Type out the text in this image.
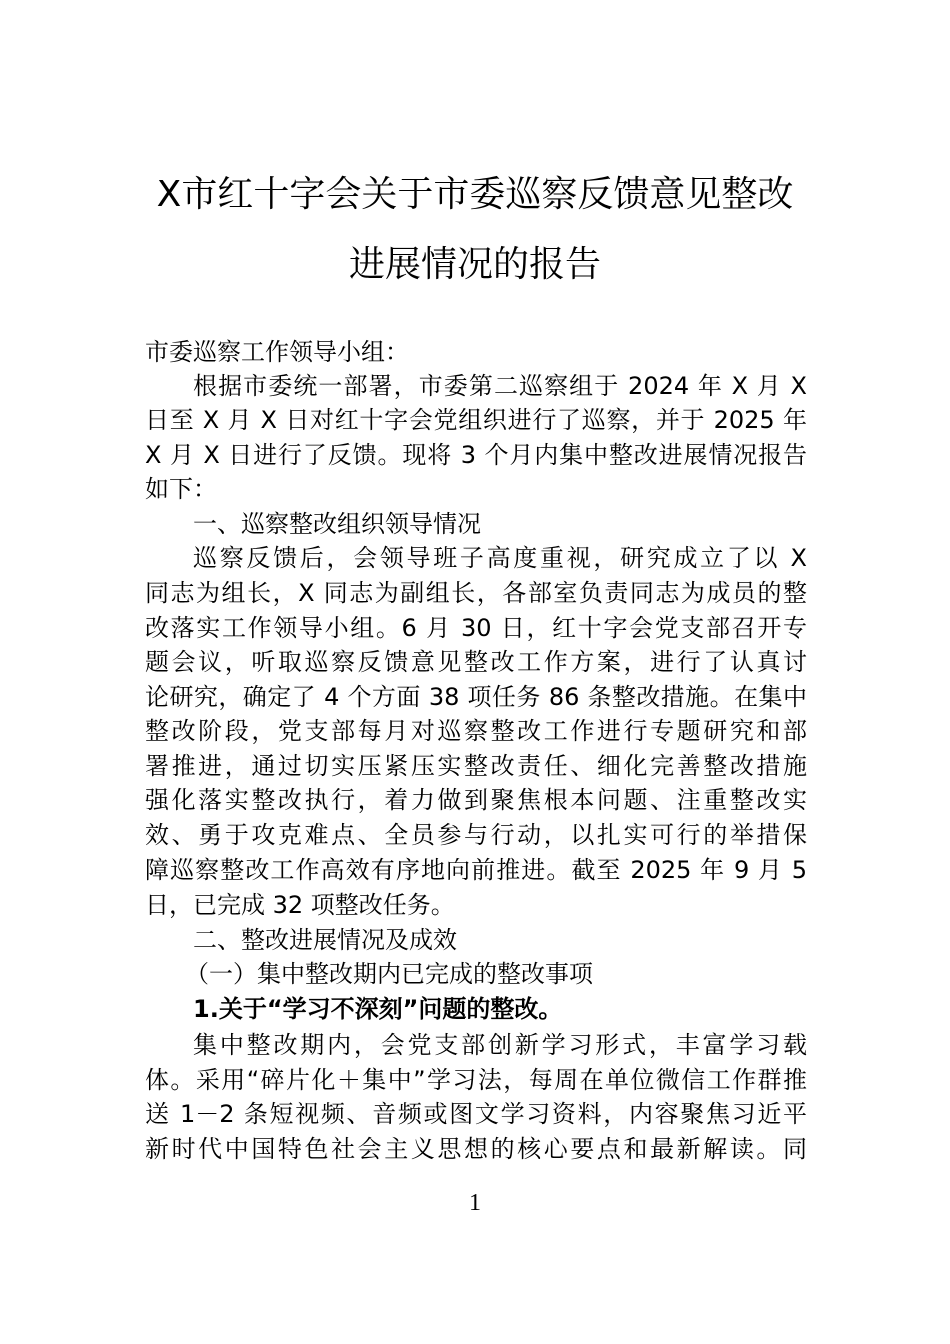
X市红十字会关于市委巡察反馈意见整改
进展情况的报告
市委巡察工作领导小组：
根据市委统一部署，市委第二巡察组于 2024 年 X 月 X
日至 X 月 X 日对红十字会党组织进行了巡察，并于 2025 年
X 月 X 日进行了反馈。现将 3 个月内集中整改进展情况报告
如下：
一、巡察整改组织领导情况
巡察反馈后，会领导班子高度重视，研究成立了以 X
同志为组长，X 同志为副组长，各部室负责同志为成员的整
改落实工作领导小组。6 月 30 日，红十字会党支部召开专
题会议，听取巡察反馈意见整改工作方案，进行了认真讨
论研究，确定了 4 个方面 38 项任务 86 条整改措施。在集中
整改阶段，党支部每月对巡察整改工作进行专题研究和部
署推进，通过切实压紧压实整改责任、细化完善整改措施
强化落实整改执行，着力做到聚焦根本问题、注重整改实
效、勇于攻克难点、全员参与行动，以扎实可行的举措保
障巡察整改工作高效有序地向前推进。截至 2025 年 9 月 5
日，已完成 32 项整改任务。
二、整改进展情况及成效
（一）集中整改期内已完成的整改事项
1.关于“学习不深刻”问题的整改。
集中整改期内，会党支部创新学习形式，丰富学习载
体。采用“碎片化＋集中”学习法，每周在单位微信工作群推
送 1－2 条短视频、音频或图文学习资料，内容聚焦习近平
新时代中国特色社会主义思想的核心要点和最新解读。同
1
